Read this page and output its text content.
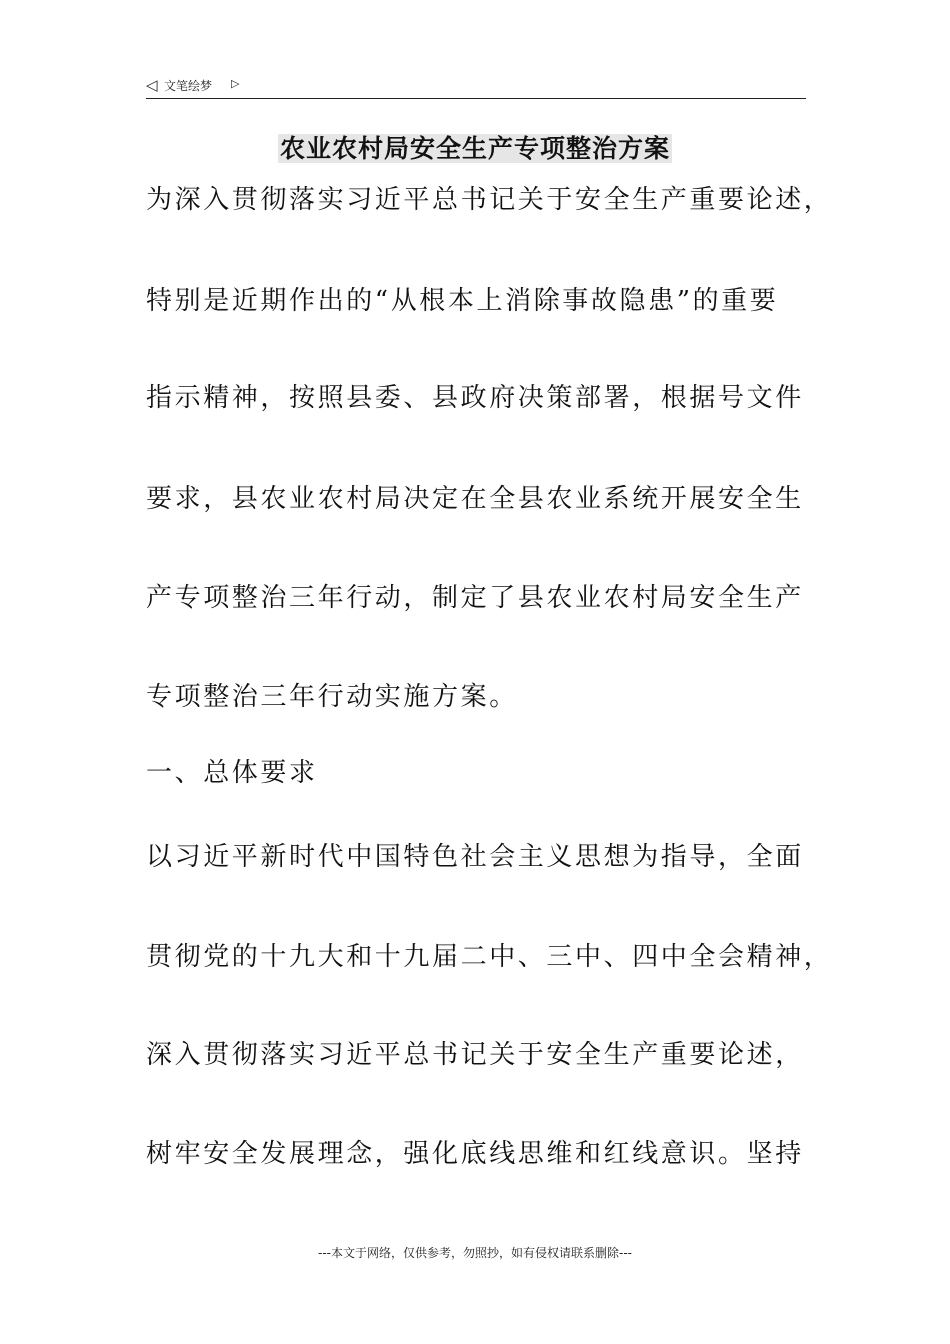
◁ 文笔绘梦 ▷
农业农村局安全生产专项整治方案
为深入贯彻落实习近平总书记关于安全生产重要论述，
特别是近期作出的“从根本上消除事故隐患”的重要
指示精神，按照县委、县政府决策部署，根据号文件
要求，县农业农村局决定在全县农业系统开展安全生
产专项整治三年行动，制定了县农业农村局安全生产
专项整治三年行动实施方案。
一、总体要求
以习近平新时代中国特色社会主义思想为指导，全面
贯彻党的十九大和十九届二中、三中、四中全会精神，
深入贯彻落实习近平总书记关于安全生产重要论述，
树牢安全发展理念，强化底线思维和红线意识。坚持
---本文于网络，仅供参考，勿照抄，如有侵权请联系删除---
